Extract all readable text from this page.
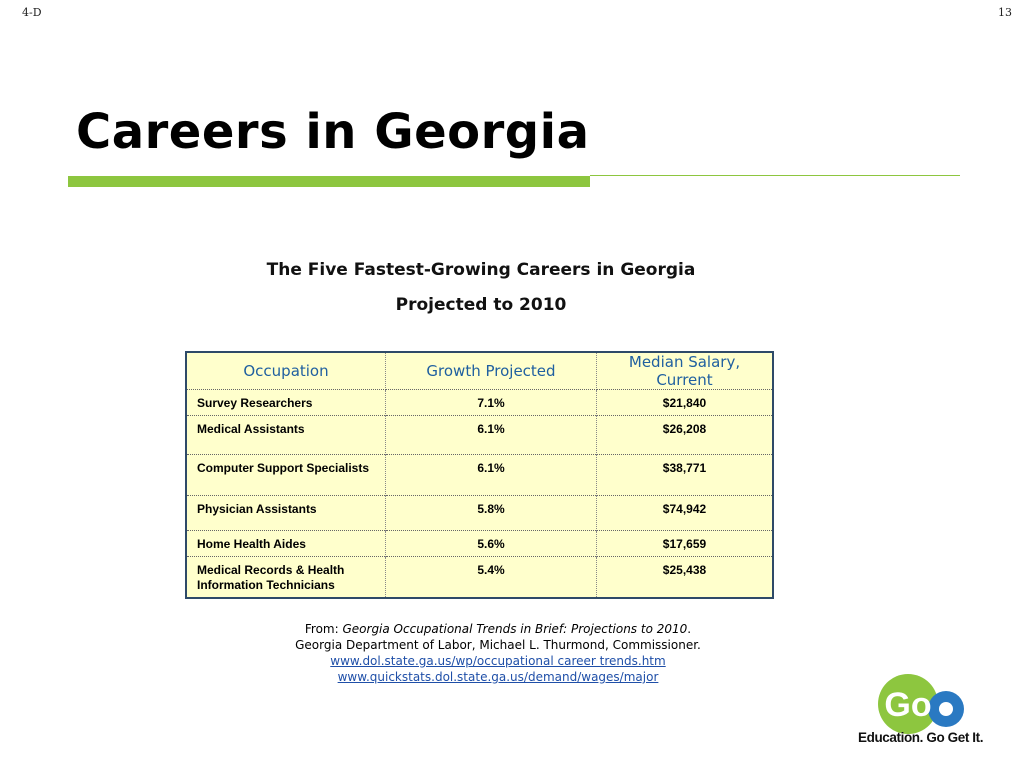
4-D	13
Careers in Georgia
The Five Fastest-Growing Careers in Georgia
Projected to 2010
Occupation	Growth Projected	Median Salary, Current
Survey Researchers	7.1%	$21,840
Medical Assistants	6.1%	$26,208
Computer Support Specialists	6.1%	$38,771
Physician Assistants	5.8%	$74,942
Home Health Aides	5.6%	$17,659
Medical Records & Health Information Technicians	5.4%	$25,438
From: Georgia Occupational Trends in Brief: Projections to 2010.
Georgia Department of Labor, Michael L. Thurmond, Commissioner.
www.dol.state.ga.us/wp/occupational career trends.htm
www.quickstats.dol.state.ga.us/demand/wages/major
Go
Education. Go Get It.
